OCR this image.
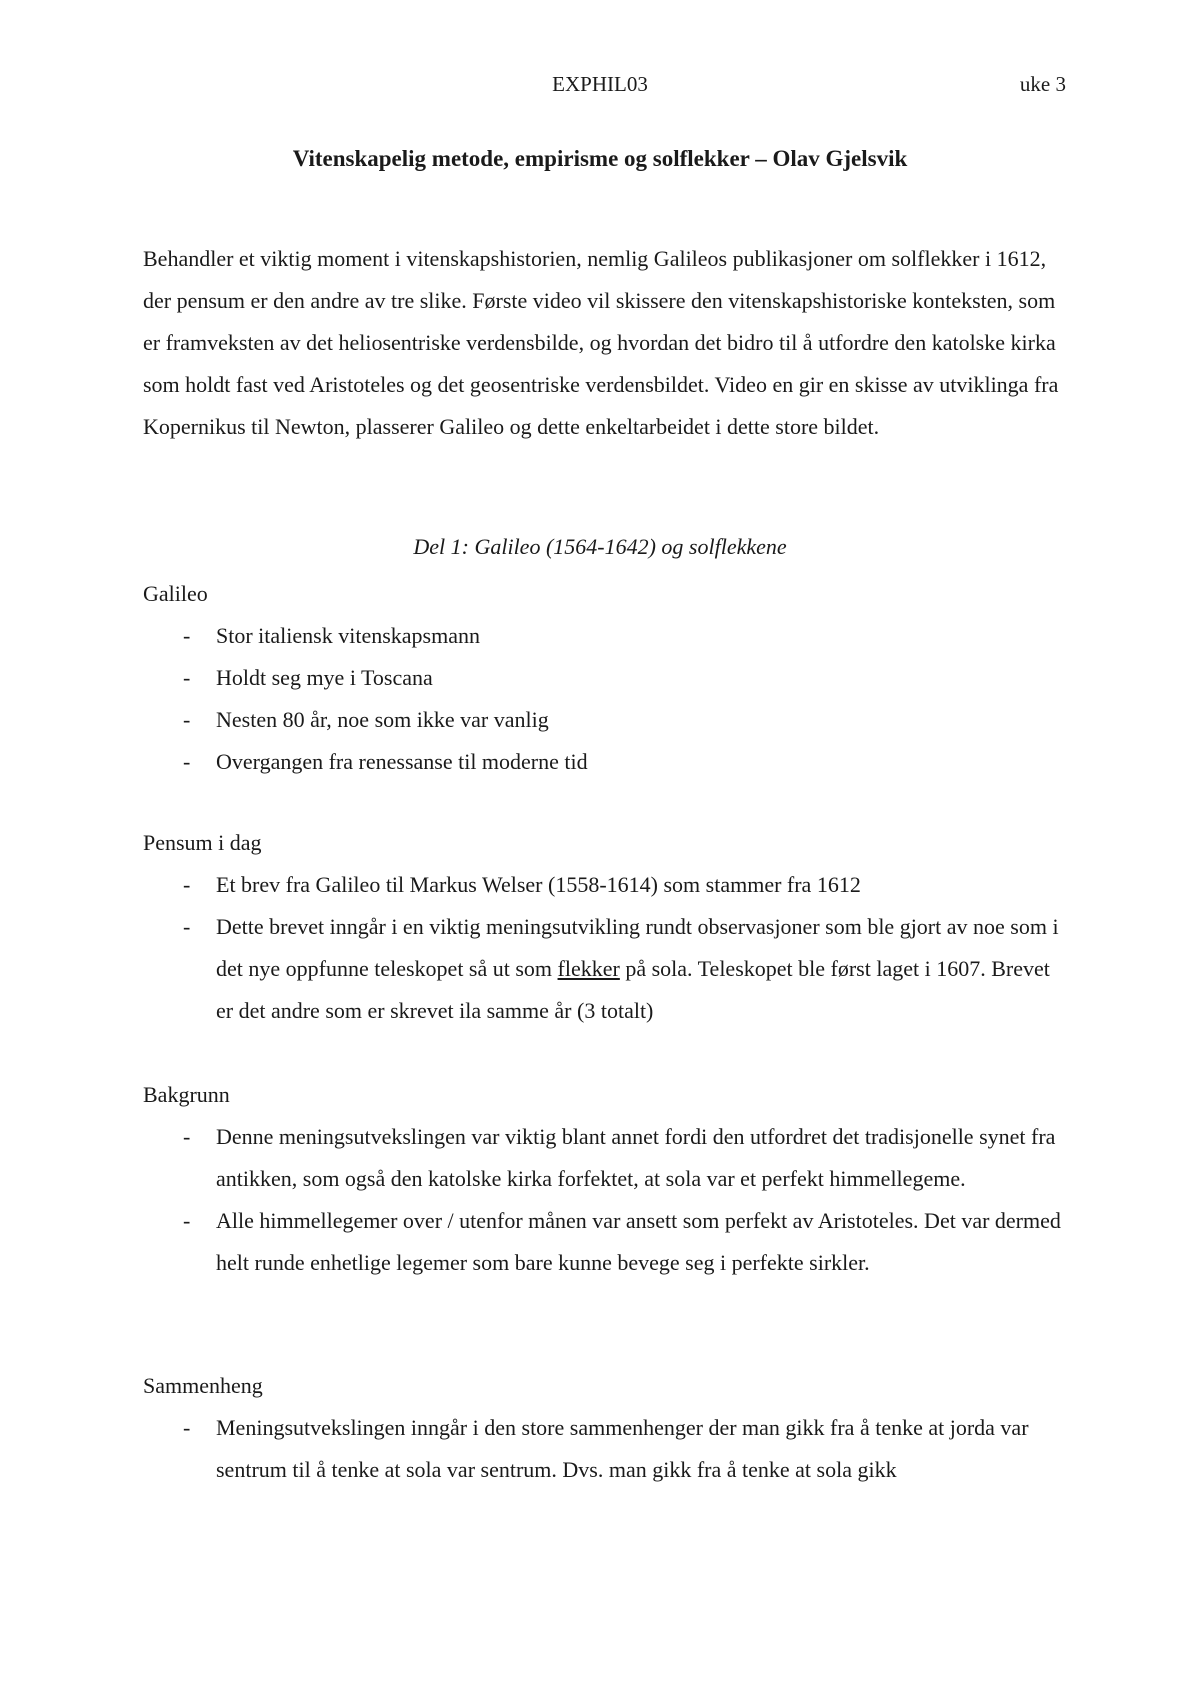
EXPHIL03	uke 3
Vitenskapelig metode, empirisme og solflekker – Olav Gjelsvik

Behandler et viktig moment i vitenskapshistorien, nemlig Galileos publikasjoner om solflekker i 1612, der pensum er den andre av tre slike. Første video vil skissere den vitenskapshistoriske konteksten, som er framveksten av det heliosentriske verdensbilde, og hvordan det bidro til å utfordre den katolske kirka som holdt fast ved Aristoteles og det geosentriske verdensbildet. Video en gir en skisse av utviklinga fra Kopernikus til Newton, plasserer Galileo og dette enkeltarbeidet i dette store bildet.

Del 1: Galileo (1564-1642) og solflekkene

Galileo

- Stor italiensk vitenskapsmann
- Holdt seg mye i Toscana
- Nesten 80 år, noe som ikke var vanlig
- Overgangen fra renessanse til moderne tid

Pensum i dag

- Et brev fra Galileo til Markus Welser (1558-1614) som stammer fra 1612
- Dette brevet inngår i en viktig meningsutvikling rundt observasjoner som ble gjort av noe som i det nye oppfunne teleskopet så ut som flekker på sola. Teleskopet ble først laget i 1607. Brevet er det andre som er skrevet ila samme år (3 totalt)

Bakgrunn

- Denne meningsutvekslingen var viktig blant annet fordi den utfordret det tradisjonelle synet fra antikken, som også den katolske kirka forfektet, at sola var et perfekt himmellegeme.
- Alle himmellegemer over / utenfor månen var ansett som perfekt av Aristoteles. Det var dermed helt runde enhetlige legemer som bare kunne bevege seg i perfekte sirkler.

Sammenheng

- Meningsutvekslingen inngår i den store sammenhenger der man gikk fra å tenke at jorda var sentrum til å tenke at sola var sentrum. Dvs. man gikk fra å tenke at sola gikk
